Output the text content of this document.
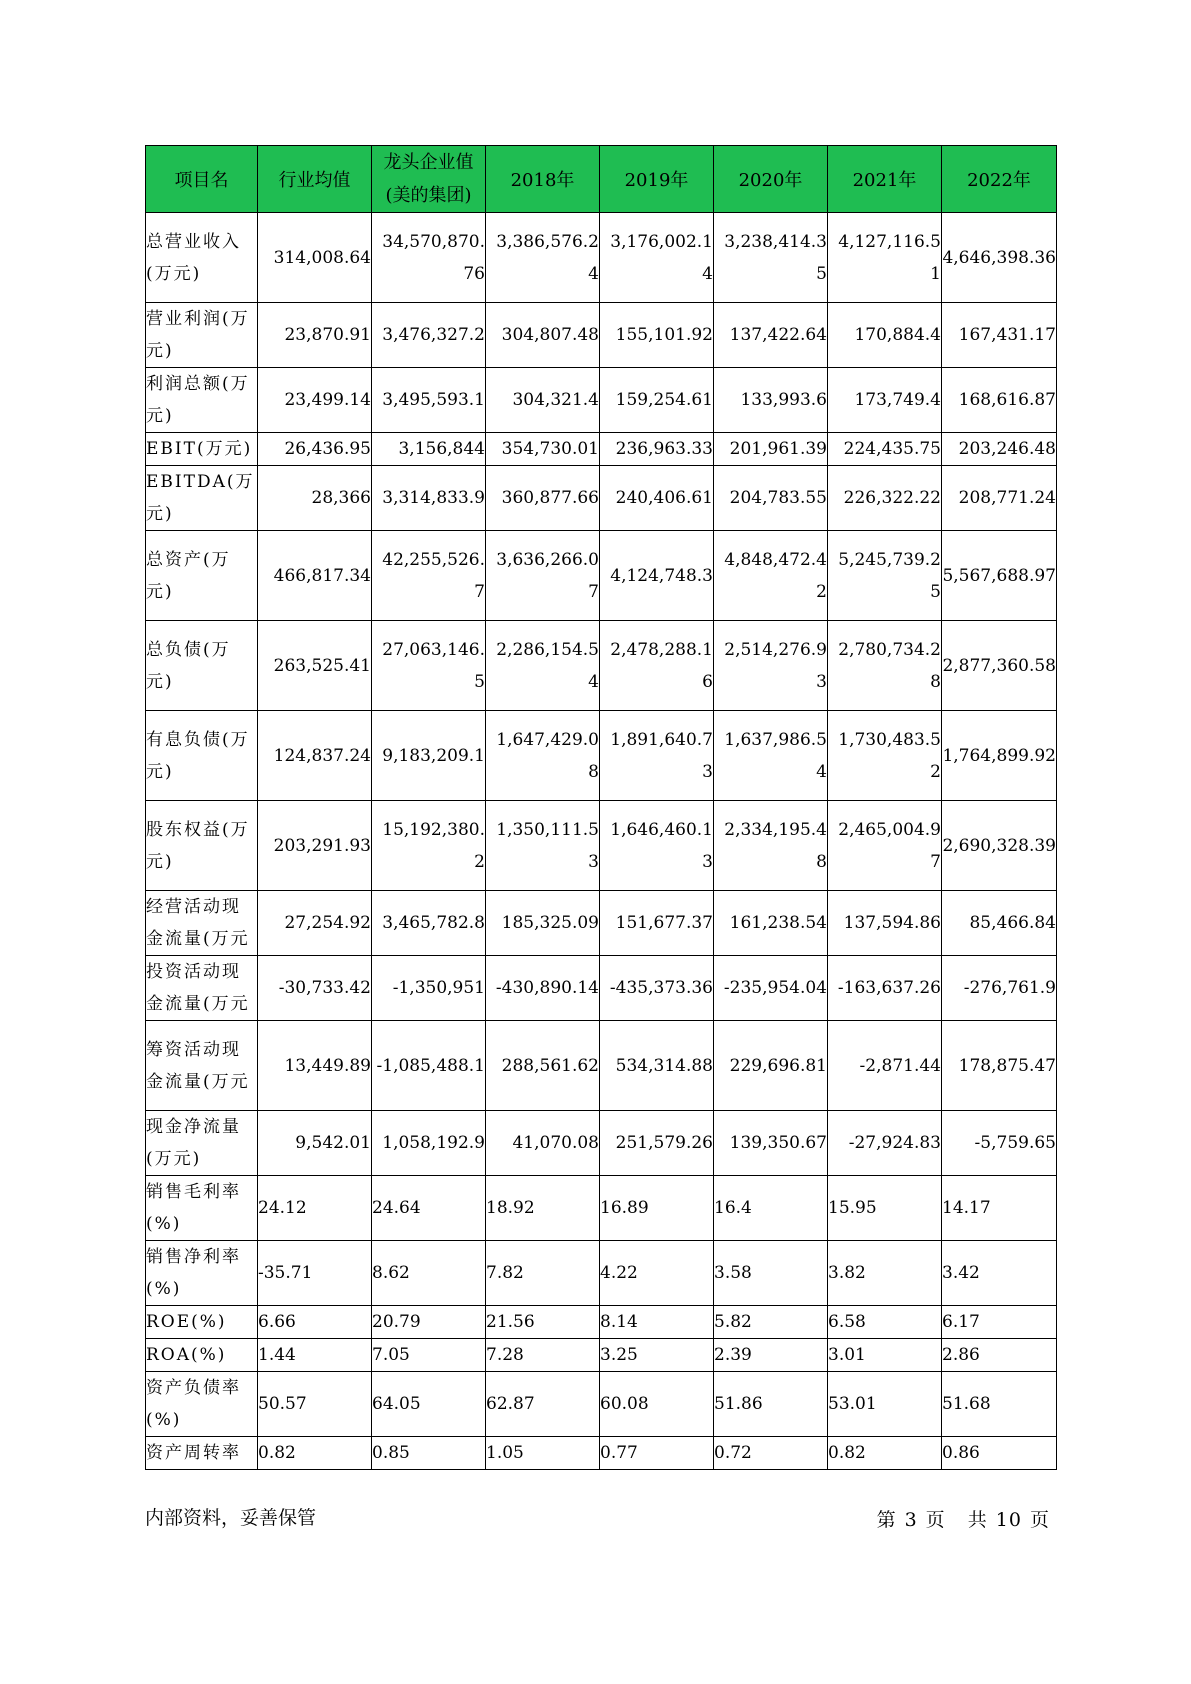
项目名	行业均值	龙头企业值(美的集团)	2018年	2019年	2020年	2021年	2022年
总营业收入(万元)	314,008.64	34,570,870.76	3,386,576.24	3,176,002.14	3,238,414.35	4,127,116.51	4,646,398.36
营业利润(万元)	23,870.91	3,476,327.2	304,807.48	155,101.92	137,422.64	170,884.4	167,431.17
利润总额(万元)	23,499.14	3,495,593.1	304,321.4	159,254.61	133,993.6	173,749.4	168,616.87
EBIT(万元)	26,436.95	3,156,844	354,730.01	236,963.33	201,961.39	224,435.75	203,246.48
EBITDA(万元)	28,366	3,314,833.9	360,877.66	240,406.61	204,783.55	226,322.22	208,771.24
总资产(万元)	466,817.34	42,255,526.7	3,636,266.07	4,124,748.3	4,848,472.42	5,245,739.25	5,567,688.97
总负债(万元)	263,525.41	27,063,146.5	2,286,154.54	2,478,288.16	2,514,276.93	2,780,734.28	2,877,360.58
有息负债(万元)	124,837.24	9,183,209.1	1,647,429.08	1,891,640.73	1,637,986.54	1,730,483.52	1,764,899.92
股东权益(万元)	203,291.93	15,192,380.2	1,350,111.53	1,646,460.13	2,334,195.48	2,465,004.97	2,690,328.39
经营活动现金流量(万元	27,254.92	3,465,782.8	185,325.09	151,677.37	161,238.54	137,594.86	85,466.84
投资活动现金流量(万元	-30,733.42	-1,350,951	-430,890.14	-435,373.36	-235,954.04	-163,637.26	-276,761.9
筹资活动现金流量(万元	13,449.89	-1,085,488.1	288,561.62	534,314.88	229,696.81	-2,871.44	178,875.47
现金净流量(万元)	9,542.01	1,058,192.9	41,070.08	251,579.26	139,350.67	-27,924.83	-5,759.65
销售毛利率(%)	24.12	24.64	18.92	16.89	16.4	15.95	14.17
销售净利率(%)	-35.71	8.62	7.82	4.22	3.58	3.82	3.42
ROE(%)	6.66	20.79	21.56	8.14	5.82	6.58	6.17
ROA(%)	1.44	7.05	7.28	3.25	2.39	3.01	2.86
资产负债率(%)	50.57	64.05	62.87	60.08	51.86	53.01	51.68
资产周转率	0.82	0.85	1.05	0.77	0.72	0.82	0.86
内部资料，妥善保管	第 3 页 共 10 页
